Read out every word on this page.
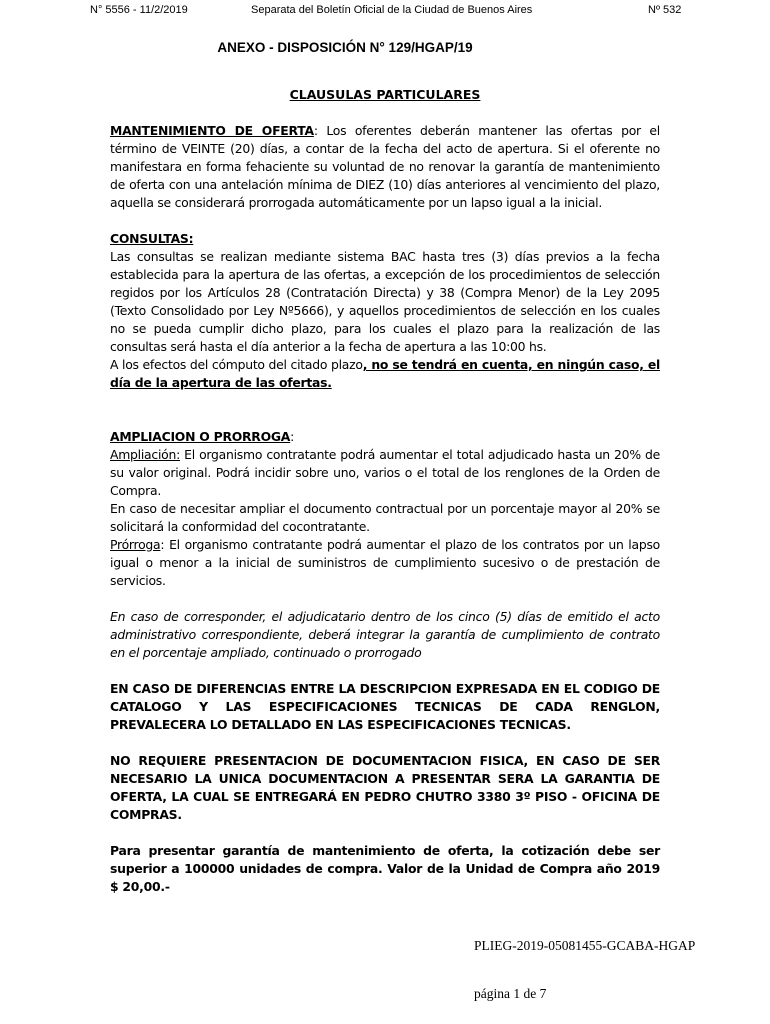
N° 5556 - 11/2/2019	Separata del Boletín Oficial de la Ciudad de Buenos Aires	Nº 532
ANEXO - DISPOSICIÓN N° 129/HGAP/19
CLAUSULAS PARTICULARES

MANTENIMIENTO DE OFERTA: Los oferentes deberán mantener las ofertas por el término de VEINTE (20) días, a contar de la fecha del acto de apertura. Si el oferente no manifestara en forma fehaciente su voluntad de no renovar la garantía de mantenimiento de oferta con una antelación mínima de DIEZ (10) días anteriores al vencimiento del plazo, aquella se considerará prorrogada automáticamente por un lapso igual a la inicial.

CONSULTAS:

Las consultas se realizan mediante sistema BAC hasta tres (3) días previos a la fecha establecida para la apertura de las ofertas, a excepción de los procedimientos de selección regidos por los Artículos 28 (Contratación Directa) y 38 (Compra Menor) de la Ley 2095 (Texto Consolidado por Ley Nº5666), y aquellos procedimientos de selección en los cuales no se pueda cumplir dicho plazo, para los cuales el plazo para la realización de las consultas será hasta el día anterior a la fecha de apertura a las 10:00 hs.

A los efectos del cómputo del citado plazo, no se tendrá en cuenta, en ningún caso, el día de la apertura de las ofertas.

AMPLIACION O PRORROGA:

Ampliación: El organismo contratante podrá aumentar el total adjudicado hasta un 20% de su valor original. Podrá incidir sobre uno, varios o el total de los renglones de la Orden de Compra.

En caso de necesitar ampliar el documento contractual por un porcentaje mayor al 20% se solicitará la conformidad del cocontratante.

Prórroga: El organismo contratante podrá aumentar el plazo de los contratos por un lapso igual o menor a la inicial de suministros de cumplimiento sucesivo o de prestación de servicios.

En caso de corresponder, el adjudicatario dentro de los cinco (5) días de emitido el acto administrativo correspondiente, deberá integrar la garantía de cumplimiento de contrato en el porcentaje ampliado, continuado o prorrogado

EN CASO DE DIFERENCIAS ENTRE LA DESCRIPCION EXPRESADA EN EL CODIGO DE CATALOGO Y LAS ESPECIFICACIONES TECNICAS DE CADA RENGLON, PREVALECERA LO DETALLADO EN LAS ESPECIFICACIONES TECNICAS.

NO REQUIERE PRESENTACION DE DOCUMENTACION FISICA, EN CASO DE SER NECESARIO LA UNICA DOCUMENTACION A PRESENTAR SERA LA GARANTIA DE OFERTA, LA CUAL SE ENTREGARÁ EN PEDRO CHUTRO 3380 3º PISO - OFICINA DE COMPRAS.

Para presentar garantía de mantenimiento de oferta, la cotización debe ser superior a 100000 unidades de compra. Valor de la Unidad de Compra año 2019 $ 20,00.-

PLIEG-2019-05081455-GCABA-HGAP
página 1 de 7
